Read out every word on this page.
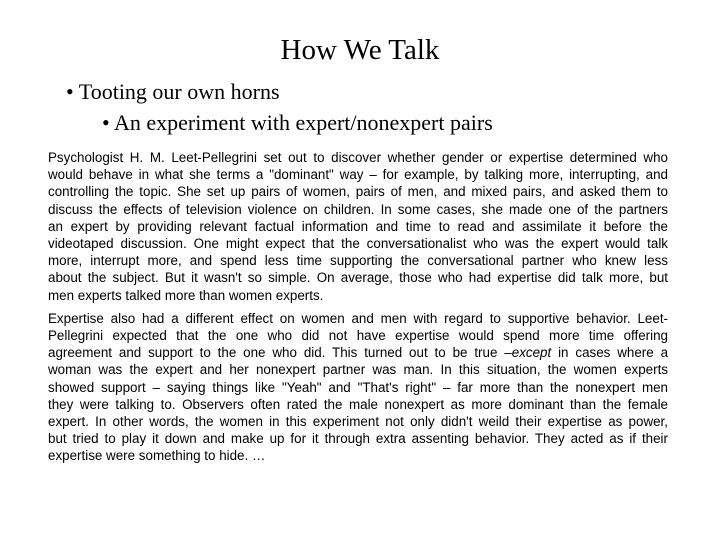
How We Talk
• Tooting our own horns
• An experiment with expert/nonexpert pairs
Psychologist H. M. Leet-Pellegrini set out to discover whether gender or expertise determined who
would behave in what she terms a "dominant" way – for example, by talking more, interrupting, and
controlling the topic. She set up pairs of women, pairs of men, and mixed pairs, and asked them to
discuss the effects of television violence on children. In some cases, she made one of the partners
an expert by providing relevant factual information and time to read and assimilate it before the
videotaped discussion. One might expect that the conversationalist who was the expert would talk
more, interrupt more, and spend less time supporting the conversational partner who knew less
about the subject. But it wasn't so simple. On average, those who had expertise did talk more, but
men experts talked more than women experts.
Expertise also had a different effect on women and men with regard to supportive behavior. Leet-
Pellegrini expected that the one who did not have expertise would spend more time offering
agreement and support to the one who did. This turned out to be true –except in cases where a
woman was the expert and her nonexpert partner was man. In this situation, the women experts
showed support – saying things like "Yeah" and "That's right" – far more than the nonexpert men
they were talking to. Observers often rated the male nonexpert as more dominant than the female
expert. In other words, the women in this experiment not only didn't weild their expertise as power,
but tried to play it down and make up for it through extra assenting behavior. They acted as if their
expertise were something to hide. …
